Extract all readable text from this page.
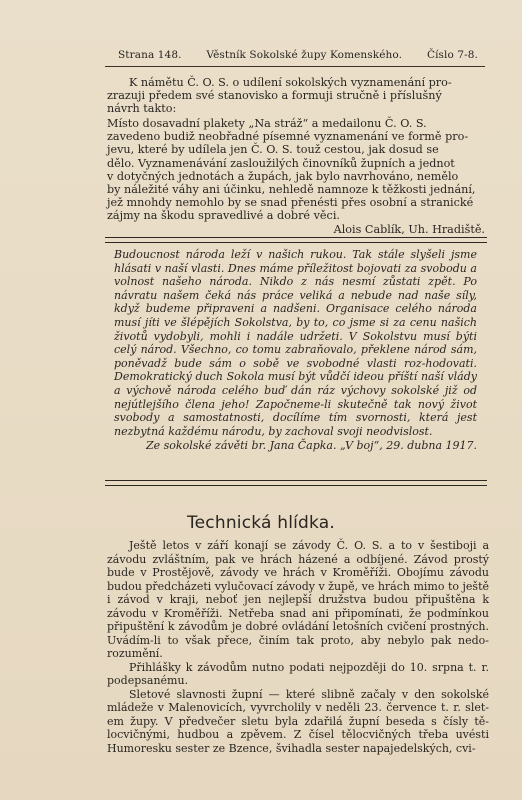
Strana 148. Věstník Sokolské župy Komenského. Číslo 7-8.

K námětu Č. O. S. o udílení sokolských vyznamenání pro-

zrazuji předem své stanovisko a formuji stručně i příslušný

návrh takto:

Místo dosavadní plakety „Na stráž“ a medailonu Č. O. S.

zavedeno budiž neobřadné písemné vyznamenání ve formě pro-

jevu, které by udílela jen Č. O. S. touž cestou, jak dosud se

dělo. Vyznamenávání zasloužilých činovníků župních a jednot

v dotyčných jednotách a župách, jak bylo navrhováno, nemělo

by náležité váhy ani účinku, nehledě namnoze k těžkosti jednání,

jež mnohdy nemohlo by se snad přenésti přes osobní a stranické

zájmy na škodu spravedlivé a dobré věci.

Alois Cablík, Uh. Hradiště.

Budoucnost národa leží v našich rukou. Tak stále slyšeli jsme hlásati v naší vlasti. Dnes máme příležitost bojovati za svobodu a volnost našeho národa. Nikdo z nás nesmí zůstati zpět. Po návratu našem čeká nás práce veliká a nebude nad naše síly, když budeme připraveni a nadšeni. Organisace celého národa musí jíti ve šlépějích Sokolstva, by to, co jsme si za cenu našich životů vydobyli, mohli i nadále udržeti. V Sokolstvu musí býti celý národ. Všechno, co tomu zabraňovalo, překlene národ sám, poněvadž bude sám o sobě ve svobodné vlasti roz-hodovati. Demokratický duch Sokola musí být vůdčí ideou příští naší vlády a výchově národa celého buď dán ráz výchovy sokolské již od nejútlejšího člena jeho! Započneme-li skutečně tak nový život svobody a samostatnosti, docílíme tím svornosti, která jest nezbytná každému národu, by zachoval svoji neodvislost.

Ze sokolské závěti br. Jana Čapka. „V boj“, 29. dubna 1917.

Technická hlídka.

Ještě letos v září konají se závody Č. O. S. a to v šestiboji a závodu zvláštním, pak ve hrách házené a odbíjené. Závod prostý bude v Prostějově, závody ve hrách v Kroměříži. Obojímu závodu budou předcházeti vylučovací závody v župě, ve hrách mimo to ještě i závod v kraji, neboť jen nejlepší družstva budou připuštěna k závodu v Kroměříži. Netřeba snad ani připomínati, že podmínkou připuštění k závodům je dobré ovládání letošních cvičení prostných. Uvádím-li to však přece, činím tak proto, aby nebylo pak nedo-rozumění.

Přihlášky k závodům nutno podati nejpozději do 10. srpna t. r. podepsanému.

Sletové slavnosti župní — které slibně začaly v den sokolské mládeže v Malenovicích, vyvrcholily v neděli 23. července t. r. slet-em župy. V předvečer sletu byla zdařilá župní beseda s čísly tě-locvičnými, hudbou a zpěvem. Z čísel tělocvičných třeba uvésti Humoresku sester ze Bzence, švihadla sester napajedelských, cvi-
